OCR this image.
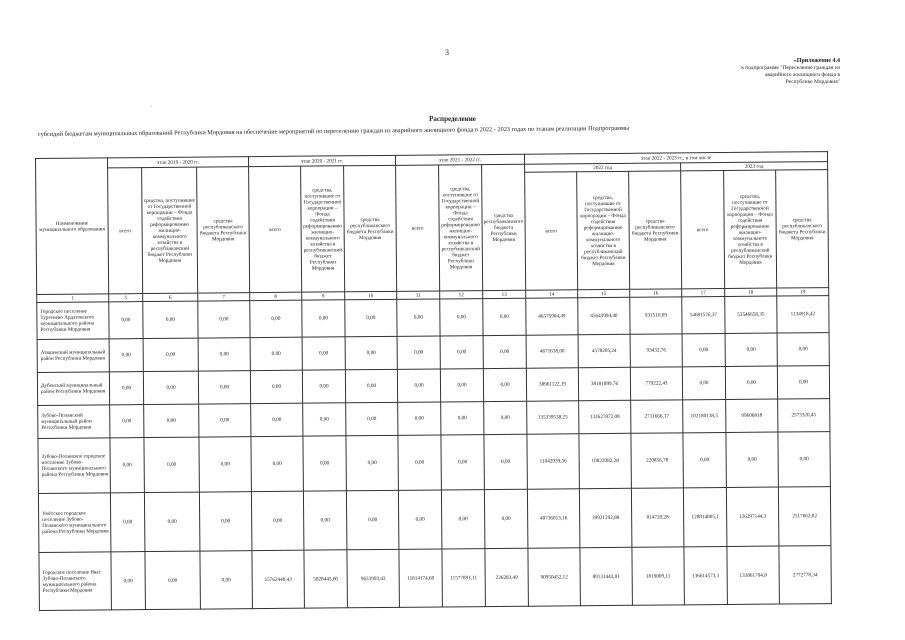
3
«Приложение 4.4
к подпрограмме "Переселение граждан из
аварийного жилищного фонда в
Республике Мордовия"
·
Распределение
субсидий бюджетам муниципальных образований Республики Мордовия на обеспечение мероприятий по переселению граждан из аварийного жилищного фонда в 2022 - 2023 годах по этапам реализации Подпрограммы
Наименование муниципального образования	этап 2019 - 2020 гг.			этап 2020 - 2021 гг.			этап 2021 - 2022 гг.			этап 2022 - 2023 гг., в том числе					
	всего	средства, поступившие от Государственной корпорации – Фонда содействия реформированию жилищно-коммунального хозяйства в республиканский бюджет Республики Мордовия	средства республиканского бюджета Республики Мордовия	всего	средства, поступившие от Государственной корпорации – Фонда содействия реформированию жилищно-коммунального хозяйства в республиканский бюджет Республики Мордовия	средства республиканского бюджета Республики Мордовия	всего	средства, поступившие от Государственной корпорации – Фонда содействия реформированию жилищно-коммунального хозяйства в республиканский бюджет Республики Мордовия	средства республиканского бюджета Республики Мордовия	2022 год			2023 год		
										всего	средства, поступившие от Государственной корпорации – Фонда содействия реформированию жилищно-коммунального хозяйства в республиканский бюджет Республики Мордовия	средства республиканского бюджета Республики Мордовия	всего	средства, поступившие от Государственной корпорации – Фонда содействия реформированию жилищно-коммунального хозяйства в республиканский бюджет Республики Мордовия	средства республиканского бюджета Республики Мордовия
1	5	6	7	8	9	10	11	12	13	14	15	16	17	18	19
Городское поселение Тургенево Ардатовского муниципального района Республики Мордовия	0,00	0,00	0,00	0,00	0,00	0,00	0,00	0,00	0,00	46575904,49	45643994,40	931510,09	54681576,37	53546658,35	1134918,42
Атяшевский муниципальный район Республики Мордовия	0,00	0,00	0,00	0,00	0,00	0,00	0,00	0,00	0,00	4671638,00	4578205,24	93432,76	0,00	0,00	0,00
Дубенский муниципальный район Республики Мордовия	0,00	0,00	0,00	0,00	0,00	0,00	0,00	0,00	0,00	38961122,19	38181899,76	779222,43	0,00	0,00	0,00
Зубово-Полянский муниципальный район Республики Мордовия	0,00	0,00	0,00	0,00	0,00	0,00	0,00	0,00	0,00	135339538,25	132627872,08	2711666,17	102180138,5	99606818	2573320,45
Зубово-Полянское городское поселение Зубово-Полянского муниципального района Республики Мордовия	0,00	0,00	0,00	0,00	0,00	0,00	0,00	0,00	0,00	11042939,56	10822082,28	220856,78	0,00	0,00	0,00
Умётское городское поселение Зубово-Полянского муниципального района Республики Мордовия	0,00	0,00	0,00	0,00	0,00	0,00	0,00	0,00	0,00	40736013,16	39921292,88	814720,28	128814805,1	126297144,3	2517662,02
Городское поселение Явас Зубово-Полянского муниципального района Республики Мордовия	0,00	0,00	0,00	15762440,43	5828445,00	9633993,43	11814174,60	11577891,11	236283,49	90950452,12	89131443,01	1819009,11	136614573,1	133861794,8	2772778,34
